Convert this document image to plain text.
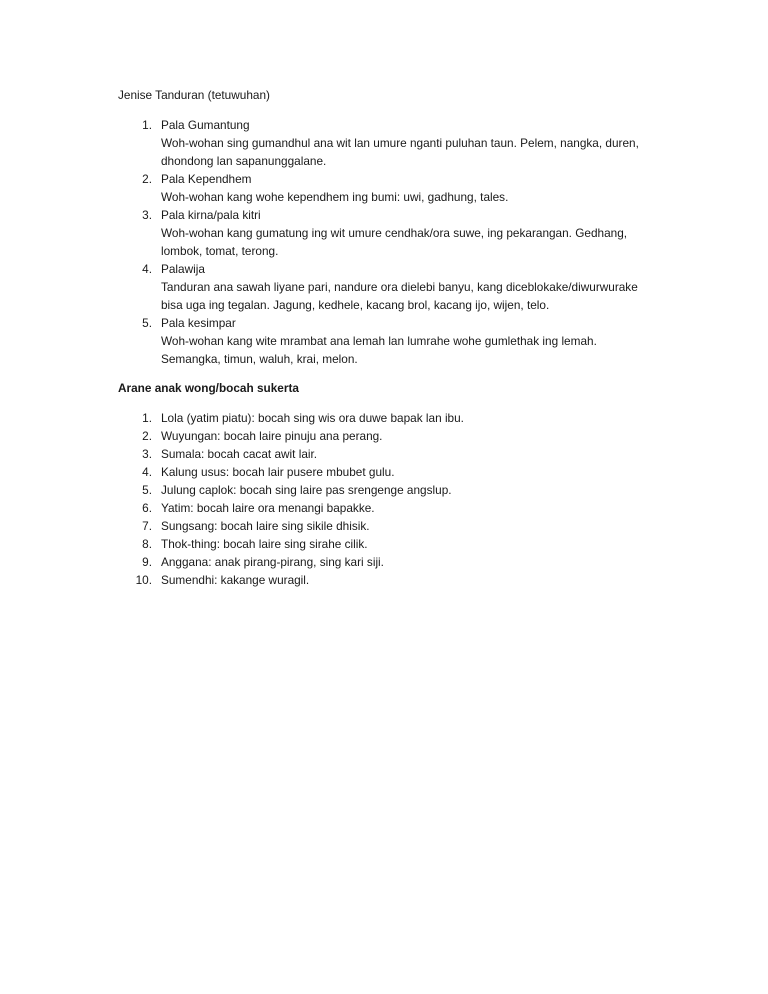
Jenise Tanduran (tetuwuhan)

1. Pala Gumantung
Woh-wohan sing gumandhul ana wit lan umure nganti puluhan taun. Pelem, nangka, duren, dhondong lan sapanunggalane.
2. Pala Kependhem
Woh-wohan kang wohe kependhem ing bumi: uwi, gadhung, tales.
3. Pala kirna/pala kitri
Woh-wohan kang gumatung ing wit umure cendhak/ora suwe, ing pekarangan. Gedhang, lombok, tomat, terong.
4. Palawija
Tanduran ana sawah liyane pari, nandure ora dielebi banyu, kang diceblokake/diwurwurake bisa uga ing tegalan. Jagung, kedhele, kacang brol, kacang ijo, wijen, telo.
5. Pala kesimpar
Woh-wohan kang wite mrambat ana lemah lan lumrahe wohe gumlethak ing lemah. Semangka, timun, waluh, krai, melon.

Arane anak wong/bocah sukerta

1. Lola (yatim piatu): bocah sing wis ora duwe bapak lan ibu.
2. Wuyungan: bocah laire pinuju ana perang.
3. Sumala: bocah cacat awit lair.
4. Kalung usus: bocah lair pusere mbubet gulu.
5. Julung caplok: bocah sing laire pas srengenge angslup.
6. Yatim: bocah laire ora menangi bapakke.
7. Sungsang: bocah laire sing sikile dhisik.
8. Thok-thing: bocah laire sing sirahe cilik.
9. Anggana: anak pirang-pirang, sing kari siji.
10. Sumendhi: kakange wuragil.
